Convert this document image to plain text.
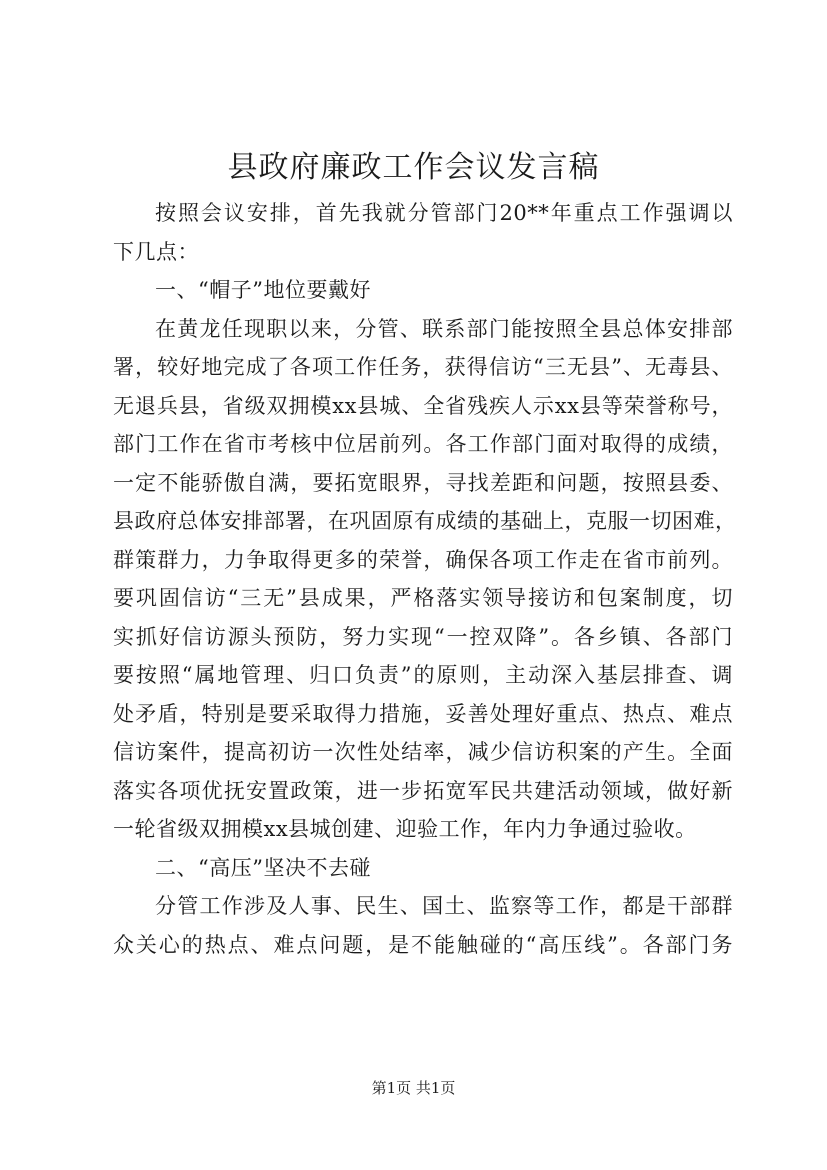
县政府廉政工作会议发言稿
按照会议安排，首先我就分管部门20**年重点工作强调以
下几点：
一、“帽子”地位要戴好
在黄龙任现职以来，分管、联系部门能按照全县总体安排部
署，较好地完成了各项工作任务，获得信访“三无县”、无毒县、
无退兵县，省级双拥模xx县城、全省残疾人示xx县等荣誉称号，
部门工作在省市考核中位居前列。各工作部门面对取得的成绩，
一定不能骄傲自满，要拓宽眼界，寻找差距和问题，按照县委、
县政府总体安排部署，在巩固原有成绩的基础上，克服一切困难，
群策群力，力争取得更多的荣誉，确保各项工作走在省市前列。
要巩固信访“三无”县成果，严格落实领导接访和包案制度，切
实抓好信访源头预防，努力实现“一控双降”。各乡镇、各部门
要按照“属地管理、归口负责”的原则，主动深入基层排查、调
处矛盾，特别是要采取得力措施，妥善处理好重点、热点、难点
信访案件，提高初访一次性处结率，减少信访积案的产生。全面
落实各项优抚安置政策，进一步拓宽军民共建活动领域，做好新
一轮省级双拥模xx县城创建、迎验工作，年内力争通过验收。
二、“高压”坚决不去碰
分管工作涉及人事、民生、国土、监察等工作，都是干部群
众关心的热点、难点问题，是不能触碰的“高压线”。各部门务
第1页 共1页
